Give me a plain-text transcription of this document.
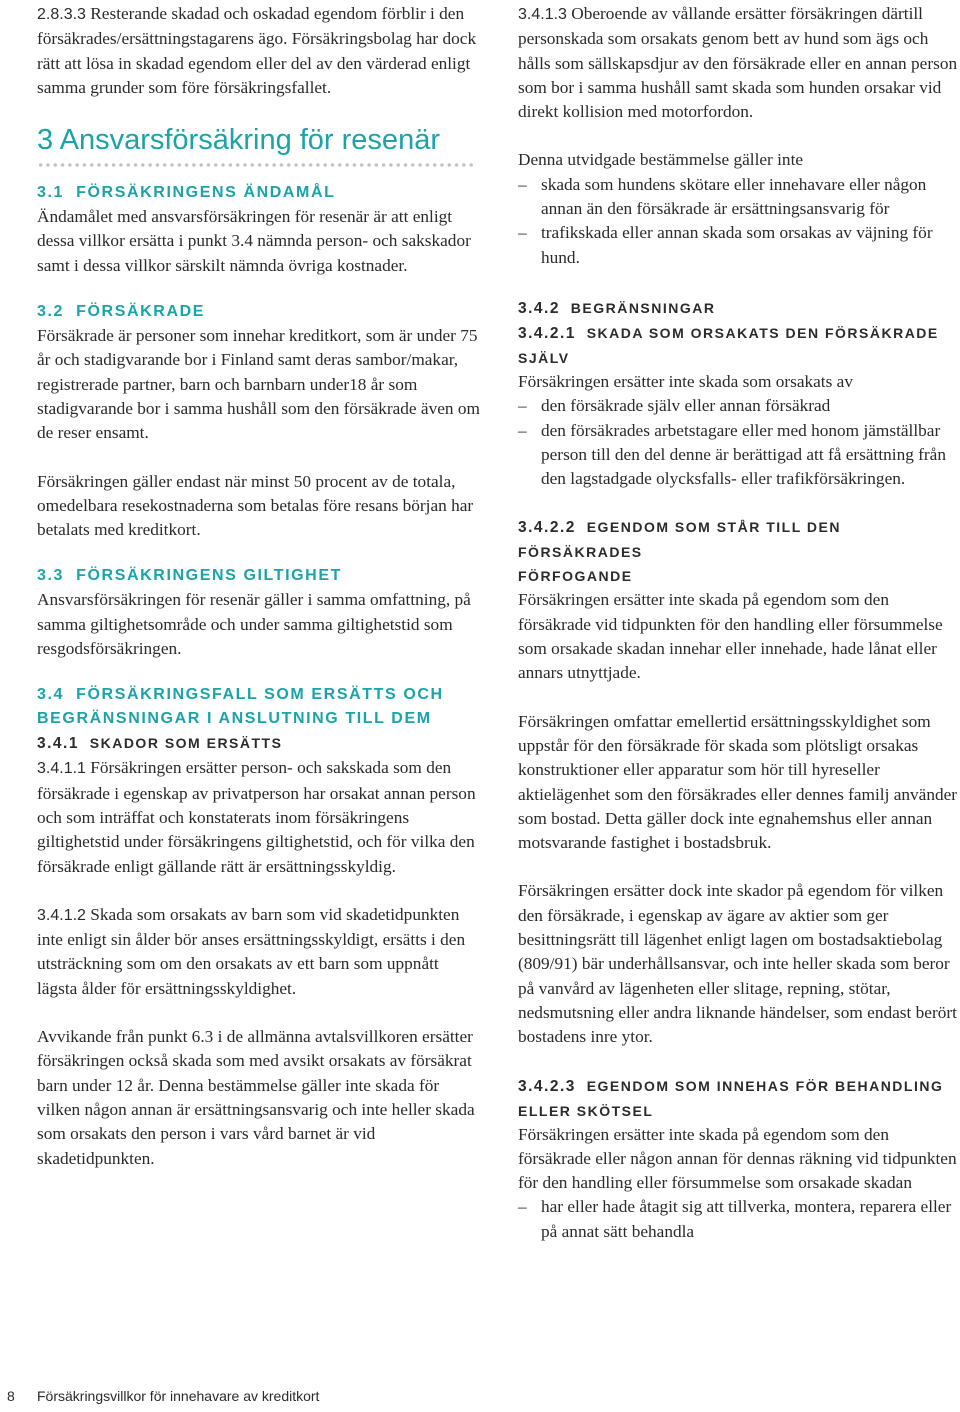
2.8.3.3 Resterande skadad och oskadad egendom förblir i den försäkrades/ersättningstagarens ägo. Försäkringsbolag har dock rätt att lösa in skadad egendom eller del av den värderad enligt samma grunder som före försäkringsfallet.

3 Ansvarsförsäkring för resenär
3.1 FÖRSÄKRINGENS ÄNDAMÅL

Ändamålet med ansvarsförsäkringen för resenär är att enligt dessa villkor ersätta i punkt 3.4 nämnda person- och sakskador samt i dessa villkor särskilt nämnda övriga kostnader.

3.2 FÖRSÄKRADE

Försäkrade är personer som innehar kreditkort, som är under 75 år och stadigvarande bor i Finland samt deras sambor/makar, registrerade partner, barn och barnbarn under18 år som stadigvarande bor i samma hushåll som den försäkrade även om de reser ensamt.

Försäkringen gäller endast när minst 50 procent av de totala, omedelbara resekostnaderna som betalas före resans början har betalats med kreditkort.

3.3 FÖRSÄKRINGENS GILTIGHET

Ansvarsförsäkringen för resenär gäller i samma omfattning, på samma giltighetsområde och under samma giltighetstid som resgodsförsäkringen.

3.4 FÖRSÄKRINGSFALL SOM ERSÄTTS OCH
BEGRÄNSNINGAR I ANSLUTNING TILL DEM
3.4.1 SKADOR SOM ERSÄTTS

3.4.1.1 Försäkringen ersätter person- och sakskada som den försäkrade i egenskap av privatperson har orsakat annan person och som inträffat och konstaterats inom försäkringens giltighetstid under försäkringens giltighetstid, och för vilka den försäkrade enligt gällande rätt är ersättningsskyldig.

3.4.1.2 Skada som orsakats av barn som vid skadetidpunkten inte enligt sin ålder bör anses ersättningsskyldigt, ersätts i den utsträckning som om den orsakats av ett barn som uppnått lägsta ålder för ersättningsskyldighet.

Avvikande från punkt 6.3 i de allmänna avtalsvillkoren ersätter försäkringen också skada som med avsikt orsakats av försäkrat barn under 12 år. Denna bestämmelse gäller inte skada för vilken någon annan är ersättningsansvarig och inte heller skada som orsakats den person i vars vård barnet är vid skadetidpunkten.

3.4.1.3 Oberoende av vållande ersätter försäkringen därtill personskada som orsakats genom bett av hund som ägs och hålls som sällskapsdjur av den försäkrade eller en annan person som bor i samma hushåll samt skada som hunden orsakar vid direkt kollision med motorfordon.

Denna utvidgade bestämmelse gäller inte

– skada som hundens skötare eller innehavare eller någon annan än den försäkrade är ersättningsansvarig för
– trafikskada eller annan skada som orsakas av väjning för hund.
3.4.2 BEGRÄNSNINGAR
3.4.2.1 SKADA SOM ORSAKATS DEN FÖRSÄKRADE
SJÄLV

Försäkringen ersätter inte skada som orsakats av

– den försäkrade själv eller annan försäkrad
– den försäkrades arbetstagare eller med honom jämställbar person till den del denne är berättigad att få ersättning från den lagstadgade olycksfalls- eller trafikförsäkringen.
3.4.2.2 EGENDOM SOM STÅR TILL DEN FÖRSÄKRADES
FÖRFOGANDE

Försäkringen ersätter inte skada på egendom som den försäkrade vid tidpunkten för den handling eller försummelse som orsakade skadan innehar eller innehade, hade lånat eller annars utnyttjade.

Försäkringen omfattar emellertid ersättningsskyldighet som uppstår för den försäkrade för skada som plötsligt orsakas konstruktioner eller apparatur som hör till hyreseller aktielägenhet som den försäkrades eller dennes familj använder som bostad. Detta gäller dock inte egnahemshus eller annan motsvarande fastighet i bostadsbruk.

Försäkringen ersätter dock inte skador på egendom för vilken den försäkrade, i egenskap av ägare av aktier som ger besittningsrätt till lägenhet enligt lagen om bostadsaktiebolag (809/91) bär underhållsansvar, och inte heller skada som beror på vanvård av lägenheten eller slitage, repning, stötar, nedsmutsning eller andra liknande händelser, som endast berört bostadens inre ytor.

3.4.2.3 EGENDOM SOM INNEHAS FÖR BEHANDLING
ELLER SKÖTSEL

Försäkringen ersätter inte skada på egendom som den försäkrade eller någon annan för dennas räkning vid tidpunkten för den handling eller försummelse som orsakade skadan

– har eller hade åtagit sig att tillverka, montera, reparera eller på annat sätt behandla
8 Försäkringsvillkor för innehavare av kreditkort
